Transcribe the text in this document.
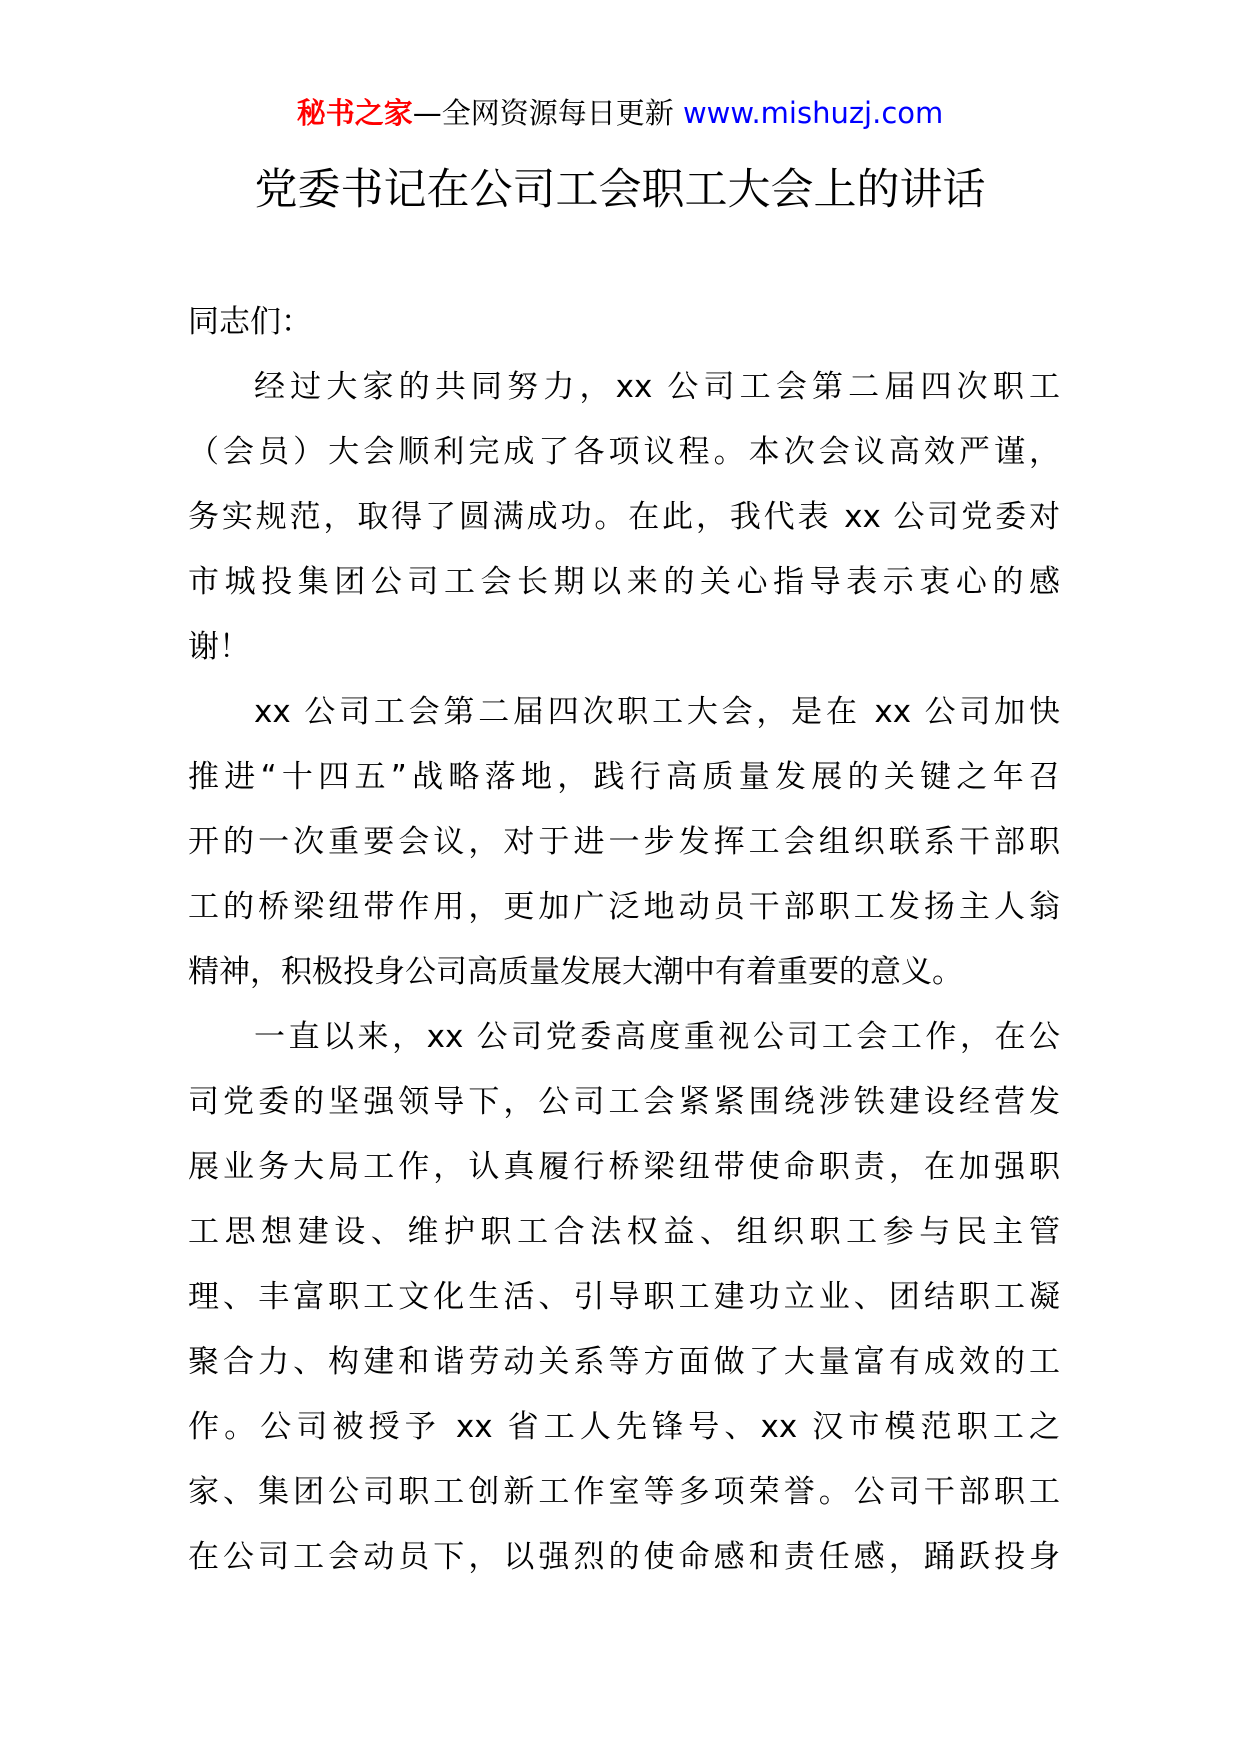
秘书之家—全网资源每日更新 www.mishuzj.com
党委书记在公司工会职工大会上的讲话
同志们：
经过大家的共同努力，xx 公司工会第二届四次职工
（会员）大会顺利完成了各项议程。本次会议高效严谨，
务实规范，取得了圆满成功。在此，我代表 xx 公司党委对
市城投集团公司工会长期以来的关心指导表示衷心的感
谢！
xx 公司工会第二届四次职工大会，是在 xx 公司加快
推进“十四五”战略落地，践行高质量发展的关键之年召
开的一次重要会议，对于进一步发挥工会组织联系干部职
工的桥梁纽带作用，更加广泛地动员干部职工发扬主人翁
精神，积极投身公司高质量发展大潮中有着重要的意义。
一直以来，xx 公司党委高度重视公司工会工作，在公
司党委的坚强领导下，公司工会紧紧围绕涉铁建设经营发
展业务大局工作，认真履行桥梁纽带使命职责，在加强职
工思想建设、维护职工合法权益、组织职工参与民主管
理、丰富职工文化生活、引导职工建功立业、团结职工凝
聚合力、构建和谐劳动关系等方面做了大量富有成效的工
作。公司被授予 xx 省工人先锋号、xx 汉市模范职工之
家、集团公司职工创新工作室等多项荣誉。公司干部职工
在公司工会动员下，以强烈的使命感和责任感，踊跃投身
